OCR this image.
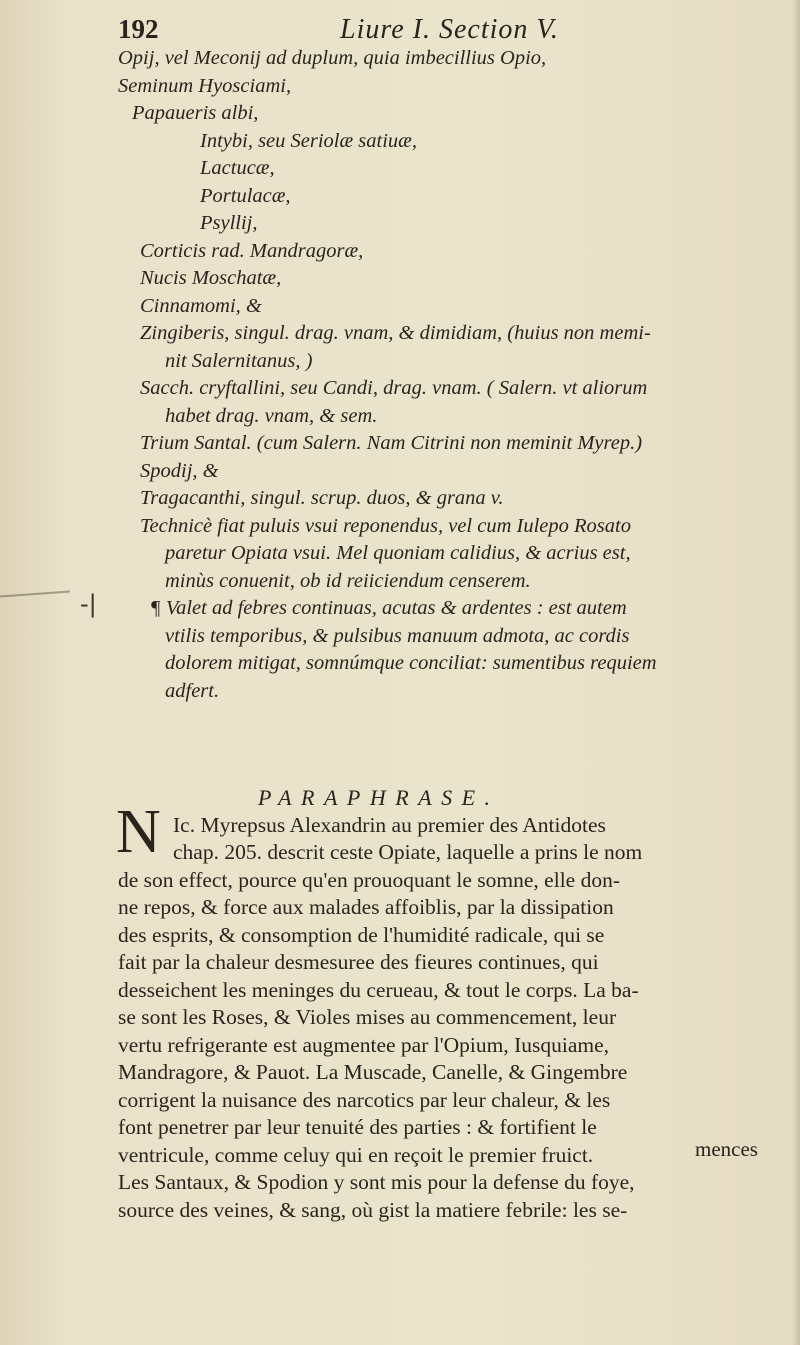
192	Liure I. Section V.
Opij, vel Meconij ad duplum, quia imbecillius Opio,
Seminum Hyosciami,
Papaueris albi,
Intybi, seu Seriolæ satiuæ,
Lactucæ,
Portulacæ,
Psyllij,
Corticis rad. Mandragoræ,
Nucis Moschatæ,
Cinnamomi, &
Zingiberis, singul. drag. vnam, & dimidiam, (huius non memi-
nit Salernitanus, )
Sacch. cryftallini, seu Candi, drag. vnam. ( Salern. vt aliorum
habet drag. vnam, & sem.
Trium Santal. (cum Salern. Nam Citrini non meminit Myrep.)
Spodij, &
Tragacanthi, singul. scrup. duos, & grana v.
Technicè fiat puluis vsui reponendus, vel cum Iulepo Rosato
paretur Opiata vsui. Mel quoniam calidius, & acrius est,
minùs conuenit, ob id reiiciendum censerem.
¶ Valet ad febres continuas, acutas & ardentes : est autem
vtilis temporibus, & pulsibus manuum admota, ac cordis
dolorem mitigat, somnúmque conciliat: sumentibus requiem
adfert.
-|
PARAPHRASE.
N Ic. Myrepsus Alexandrin au premier des Antidotes
chap. 205. descrit ceste Opiate, laquelle a prins le nom
de son effect, pource qu'en prouoquant le somne, elle don-
ne repos, & force aux malades affoiblis, par la dissipation
des esprits, & consomption de l'humidité radicale, qui se
fait par la chaleur desmesuree des fieures continues, qui
desseichent les meninges du cerueau, & tout le corps. La ba-
se sont les Roses, & Violes mises au commencement, leur
vertu refrigerante est augmentee par l'Opium, Iusquiame,
Mandragore, & Pauot. La Muscade, Canelle, & Gingembre
corrigent la nuisance des narcotics par leur chaleur, & les
font penetrer par leur tenuité des parties : & fortifient le
ventricule, comme celuy qui en reçoit le premier fruict.
Les Santaux, & Spodion y sont mis pour la defense du foye,
source des veines, & sang, où gist la matiere febrile: les se-
mences
